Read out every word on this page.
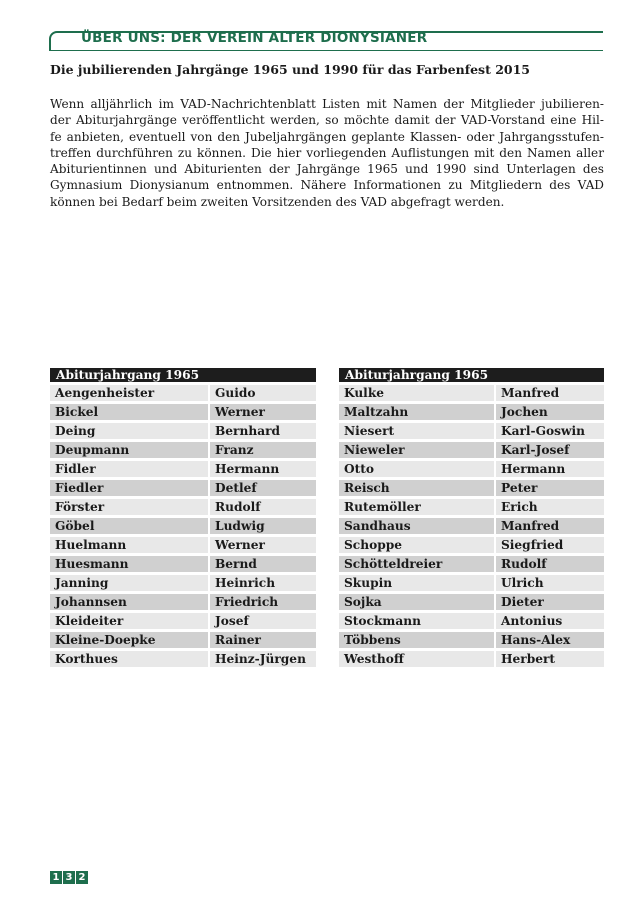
ÜBER UNS: DER VEREIN ALTER DIONYSIANER
Die jubilierenden Jahrgänge 1965 und 1990 für das Farbenfest 2015
Wenn alljährlich im VAD-Nachrichtenblatt Listen mit Namen der Mitglieder jubilieren- der Abiturjahrgänge veröffentlicht werden, so möchte damit der VAD-Vorstand eine Hil- fe anbieten, eventuell von den Jubeljahrgängen geplante Klassen- oder Jahrgangsstufen- treffen durchführen zu können. Die hier vorliegenden Auflistungen mit den Namen aller Abiturientinnen und Abiturienten der Jahrgänge 1965 und 1990 sind Unterlagen des Gymnasium Dionysianum entnommen. Nähere Informationen zu Mitgliedern des VAD können bei Bedarf beim zweiten Vorsitzenden des VAD abgefragt werden.
Abiturjahrgang 1965	
Aengenheister	Guido
Bickel	Werner
Deing	Bernhard
Deupmann	Franz
Fidler	Hermann
Fiedler	Detlef
Förster	Rudolf
Göbel	Ludwig
Huelmann	Werner
Huesmann	Bernd
Janning	Heinrich
Johannsen	Friedrich
Kleideiter	Josef
Kleine-Doepke	Rainer
Korthues	Heinz-Jürgen
Abiturjahrgang 1965	
Kulke	Manfred
Maltzahn	Jochen
Niesert	Karl-Goswin
Nieweler	Karl-Josef
Otto	Hermann
Reisch	Peter
Rutemöller	Erich
Sandhaus	Manfred
Schoppe	Siegfried
Schötteldreier	Rudolf
Skupin	Ulrich
Sojka	Dieter
Stockmann	Antonius
Többens	Hans-Alex
Westhoff	Herbert
1 3 2
